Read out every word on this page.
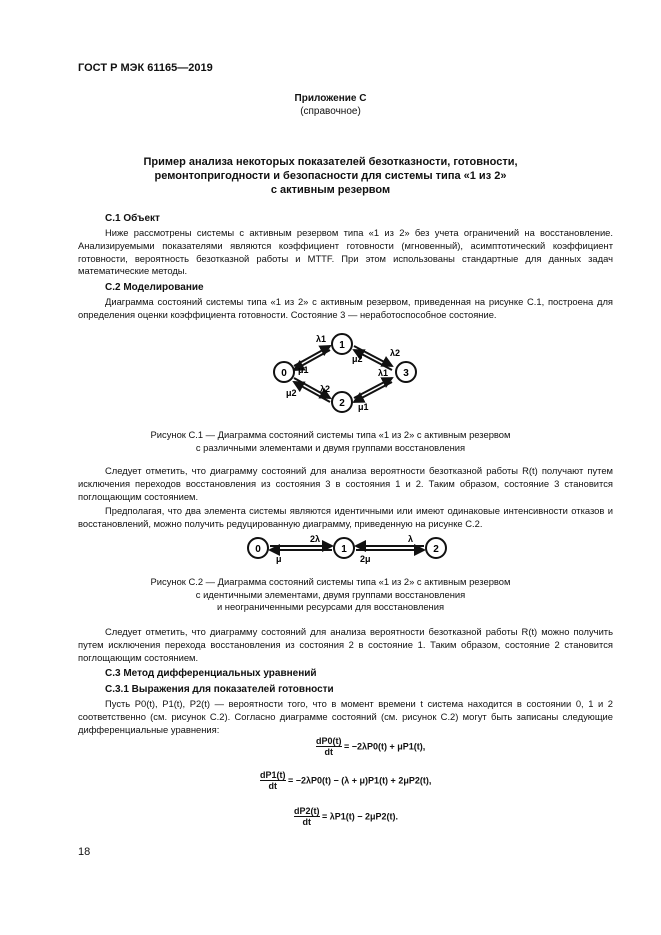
ГОСТ Р МЭК 61165—2019
Приложение С
(справочное)
Пример анализа некоторых показателей безотказности, готовности,
ремонтопригодности и безопасности для системы типа «1 из 2»
с активным резервом
С.1 Объект
Ниже рассмотрены системы с активным резервом типа «1 из 2» без учета ограничений на восстановление. Анализируемыми показателями являются коэффициент готовности (мгновенный), асимптотический коэффициент готовности, вероятность безотказной работы и MTTF. При этом использованы стандартные для данных задач математические методы.
С.2 Моделирование
Диаграмма состояний системы типа «1 из 2» с активным резервом, приведенная на рисунке С.1, построена для определения оценки коэффициента готовности. Состояние 3 — неработоспособное состояние.
1
0
2
3
λ1
μ1
μ2
λ2
λ1
μ2	λ2
μ1
Рисунок С.1 — Диаграмма состояний системы типа «1 из 2» с активным резервом
с различными элементами и двумя группами восстановления
Следует отметить, что диаграмму состояний для анализа вероятности безотказной работы R(t) получают путем исключения переходов восстановления из состояния 3 в состояния 1 и 2. Таким образом, состояние 3 становится поглощающим состоянием.
Предполагая, что два элемента системы являются идентичными или имеют одинаковые интенсивности отказов и восстановлений, можно получить редуцированную диаграмму, приведенную на рисунке С.2.
0	1	2
2λ
μ
λ
2μ
Рисунок С.2 — Диаграмма состояний системы типа «1 из 2» с активным резервом
с идентичными элементами, двумя группами восстановления
и неограниченными ресурсами для восстановления
Следует отметить, что диаграмму состояний для анализа вероятности безотказной работы R(t) можно получить путем исключения перехода восстановления из состояния 2 в состояние 1. Таким образом, состояние 2 становится поглощающим состоянием.
С.3 Метод дифференциальных уравнений
С.3.1 Выражения для показателей готовности
Пусть P0(t), P1(t), P2(t) — вероятности того, что в момент времени t система находится в состоянии 0, 1 и 2 соответственно (см. рисунок С.2). Согласно диаграмме состояний (см. рисунок С.2) могут быть записаны следующие дифференциальные уравнения:
$\frac{dP0(t)}{dt} = -2\lambda P0(t) + \mu P1(t)$,
$\frac{dP1(t)}{dt} = -2\lambda P0(t) - (\lambda + \mu)P1(t) + 2\mu P2(t)$,
$\frac{dP2(t)}{dt} = \lambda P1(t) - 2\mu P2(t)$.
18
